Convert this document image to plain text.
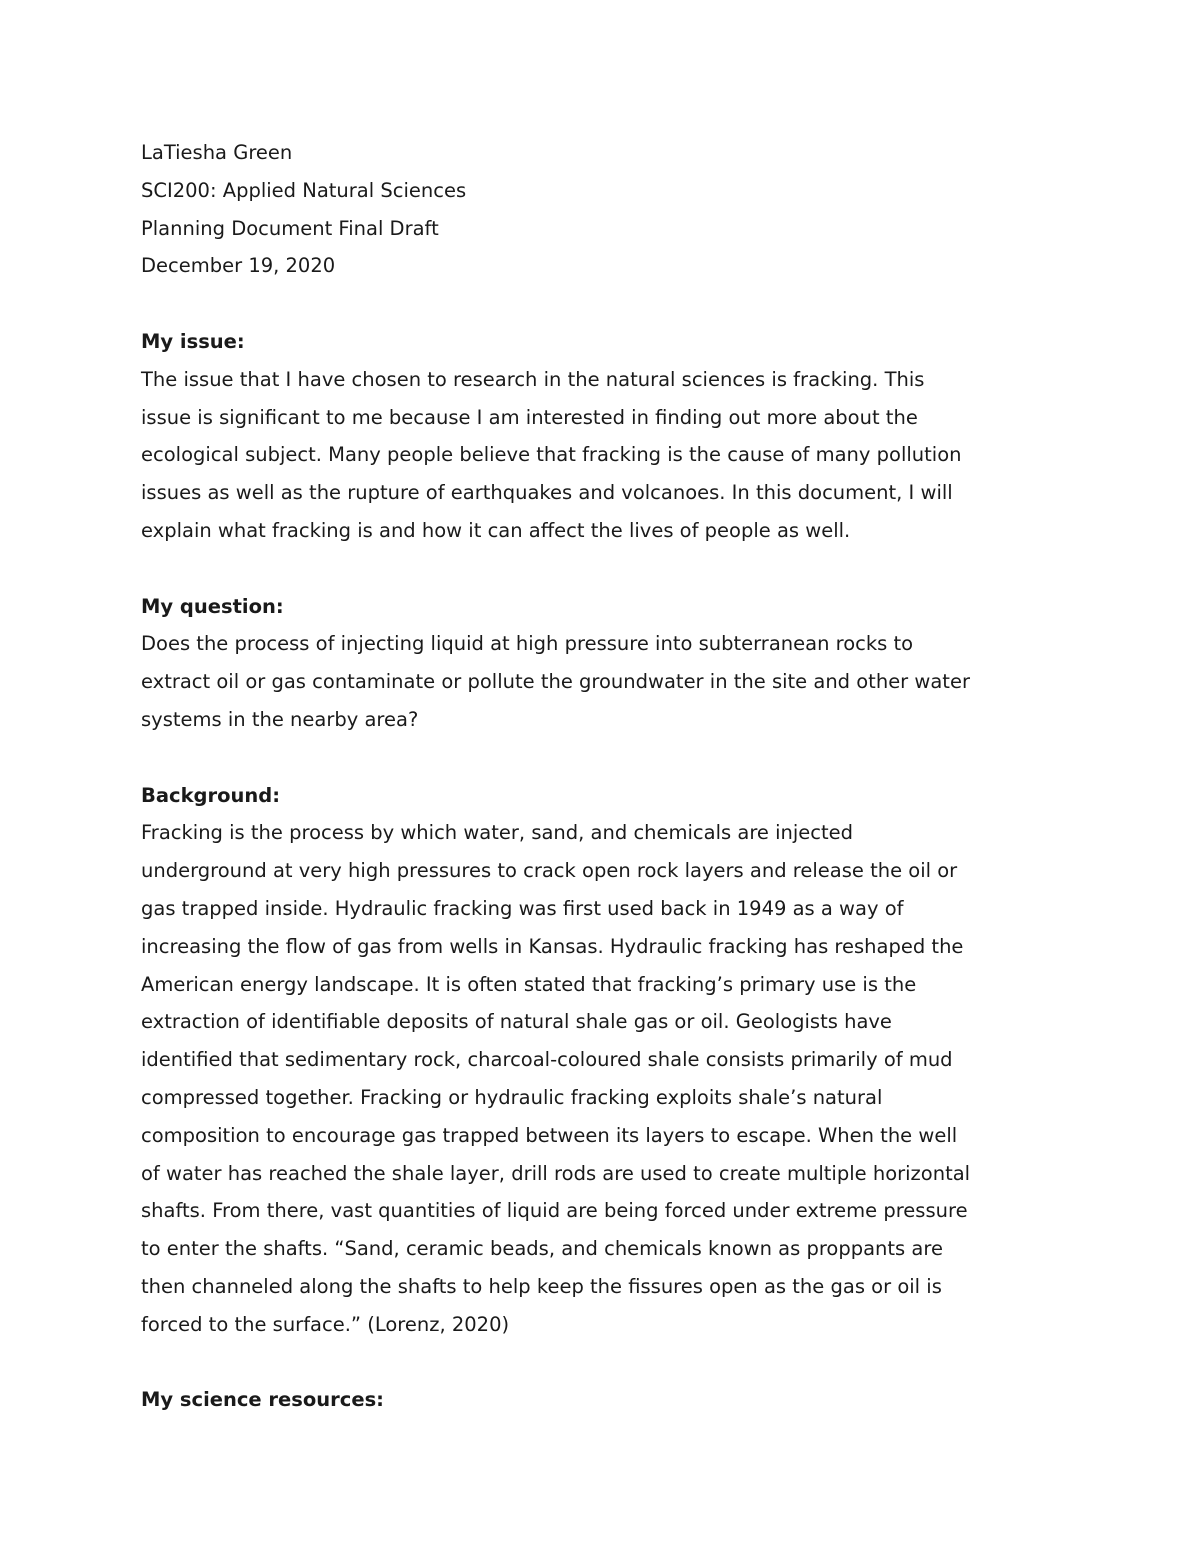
LaTiesha Green
SCI200: Applied Natural Sciences
Planning Document Final Draft
December 19, 2020
My issue:
The issue that I have chosen to research in the natural sciences is fracking. This
issue is significant to me because I am interested in finding out more about the
ecological subject. Many people believe that fracking is the cause of many pollution
issues as well as the rupture of earthquakes and volcanoes. In this document, I will
explain what fracking is and how it can affect the lives of people as well.
My question:
Does the process of injecting liquid at high pressure into subterranean rocks to
extract oil or gas contaminate or pollute the groundwater in the site and other water
systems in the nearby area?
Background:
Fracking is the process by which water, sand, and chemicals are injected
underground at very high pressures to crack open rock layers and release the oil or
gas trapped inside. Hydraulic fracking was first used back in 1949 as a way of
increasing the flow of gas from wells in Kansas. Hydraulic fracking has reshaped the
American energy landscape. It is often stated that fracking’s primary use is the
extraction of identifiable deposits of natural shale gas or oil. Geologists have
identified that sedimentary rock, charcoal-coloured shale consists primarily of mud
compressed together. Fracking or hydraulic fracking exploits shale’s natural
composition to encourage gas trapped between its layers to escape. When the well
of water has reached the shale layer, drill rods are used to create multiple horizontal
shafts. From there, vast quantities of liquid are being forced under extreme pressure
to enter the shafts. “Sand, ceramic beads, and chemicals known as proppants are
then channeled along the shafts to help keep the fissures open as the gas or oil is
forced to the surface.” (Lorenz, 2020)
My science resources:
